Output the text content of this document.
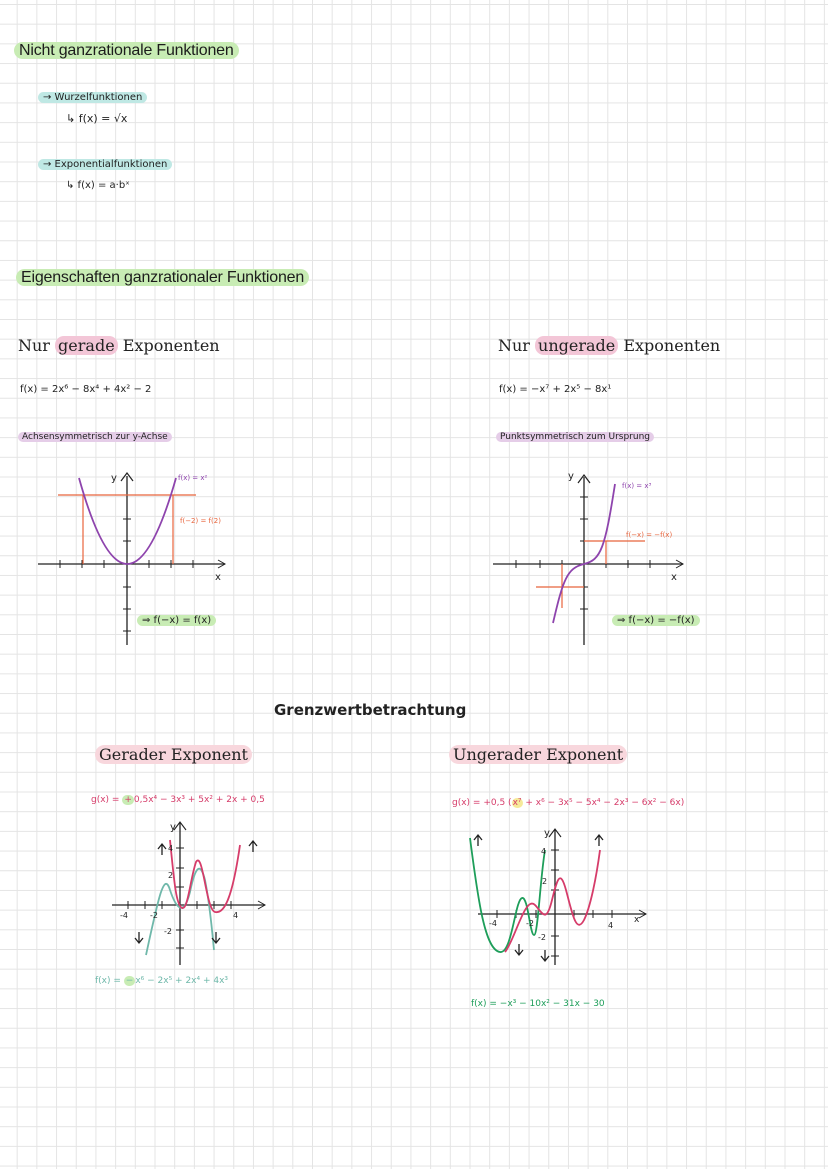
Nicht ganzrationale Funktionen
→ Wurzelfunktionen
↳ f(x) = √x
→ Exponentialfunktionen
↳ f(x) = a·bˣ
Eigenschaften ganzrationaler Funktionen
Nur gerade Exponenten
f(x) = 2x⁶ − 8x⁴ + 4x² − 2
Achsensymmetrisch zur y-Achse
y
x
f(x) = x²
f(−2) = f(2)
⇒ f(−x) = f(x)
Nur ungerade Exponenten
f(x) = −x⁷ + 2x⁵ − 8x¹
Punktsymmetrisch zum Ursprung
y
x
f(x) = x³
f(−x) = −f(x)
⇒ f(−x) = −f(x)
Grenzwertbetrachtung
Gerader Exponent
g(x) = + 0,5x⁴ − 3x³ + 5x² + 2x + 0,5
y
-4	-2	4
4
2
-2
f(x) = − x⁶ − 2x⁵ + 2x⁴ + 4x³
Ungerader Exponent
g(x) = +0,5 (x⁷ + x⁶ − 3x⁵ − 5x⁴ − 2x³ − 6x² − 6x)
y
x
-4	-2	4
4
2
-2
f(x) = −x³ − 10x² − 31x − 30
